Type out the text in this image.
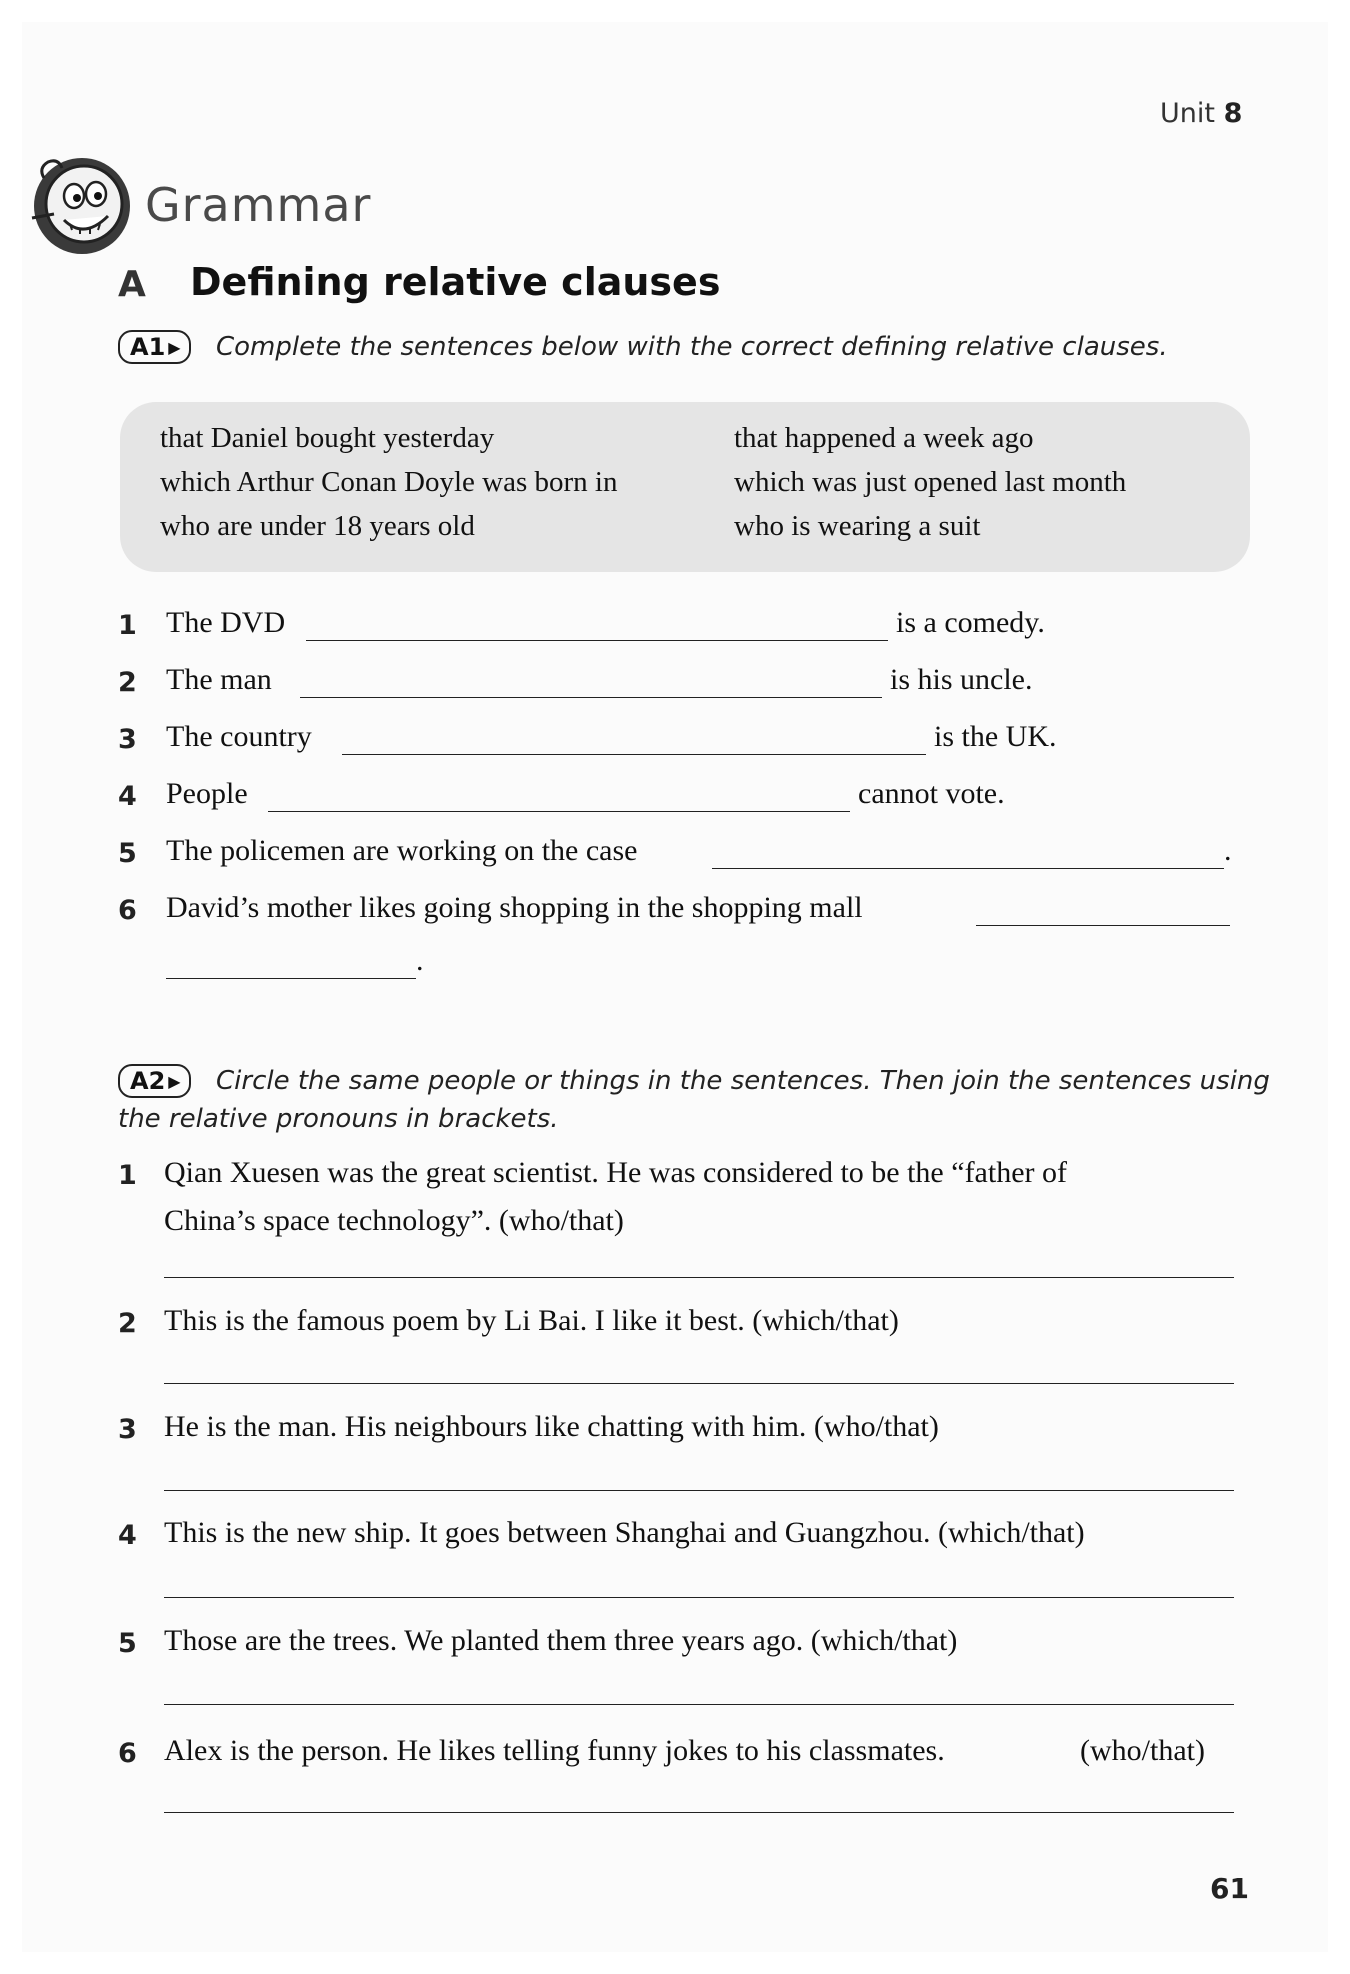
Unit 8
Grammar
A Defining relative clauses
A1 ▶ Complete the sentences below with the correct defining relative clauses.
that Daniel bought yesterday
which Arthur Conan Doyle was born in
who are under 18 years old
that happened a week ago
which was just opened last month
who is wearing a suit
1 The DVD	is a comedy.
2 The man	is his uncle.
3 The country	is the UK.
4 People	cannot vote.
5 The policemen are working on the case	.
6 David’s mother likes going shopping in the shopping mall
.
A2 ▶ Circle the same people or things in the sentences. Then join the sentences using
the relative pronouns in brackets.
1 Qian Xuesen was the great scientist. He was considered to be the “father of
China’s space technology”. (who/that)
2 This is the famous poem by Li Bai. I like it best. (which/that)
3 He is the man. His neighbours like chatting with him. (who/that)
4 This is the new ship. It goes between Shanghai and Guangzhou. (which/that)
5 Those are the trees. We planted them three years ago. (which/that)
6 Alex is the person. He likes telling funny jokes to his classmates.	(who/that)
61
